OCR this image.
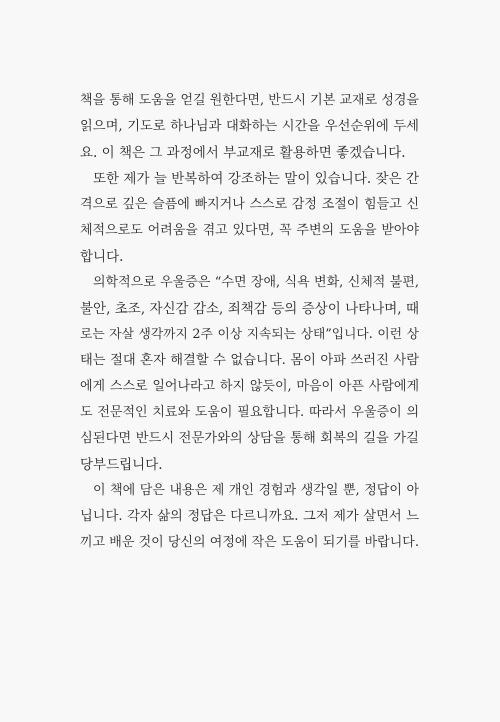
책을 통해 도움을 얻길 원한다면, 반드시 기본 교재로 성경을
읽으며, 기도로 하나님과 대화하는 시간을 우선순위에 두세
요. 이 책은 그 과정에서 부교재로 활용하면 좋겠습니다.
또한 제가 늘 반복하여 강조하는 말이 있습니다. 잦은 간
격으로 깊은 슬픔에 빠지거나 스스로 감정 조절이 힘들고 신
체적으로도 어려움을 겪고 있다면, 꼭 주변의 도움을 받아야
합니다.
의학적으로 우울증은 “수면 장애, 식욕 변화, 신체적 불편,
불안, 초조, 자신감 감소, 죄책감 등의 증상이 나타나며, 때
로는 자살 생각까지 2주 이상 지속되는 상태”입니다. 이런 상
태는 절대 혼자 해결할 수 없습니다. 몸이 아파 쓰러진 사람
에게 스스로 일어나라고 하지 않듯이, 마음이 아픈 사람에게
도 전문적인 치료와 도움이 필요합니다. 따라서 우울증이 의
심된다면 반드시 전문가와의 상담을 통해 회복의 길을 가길
당부드립니다.
이 책에 담은 내용은 제 개인 경험과 생각일 뿐, 정답이 아
닙니다. 각자 삶의 정답은 다르니까요. 그저 제가 살면서 느
끼고 배운 것이 당신의 여정에 작은 도움이 되기를 바랍니다.
